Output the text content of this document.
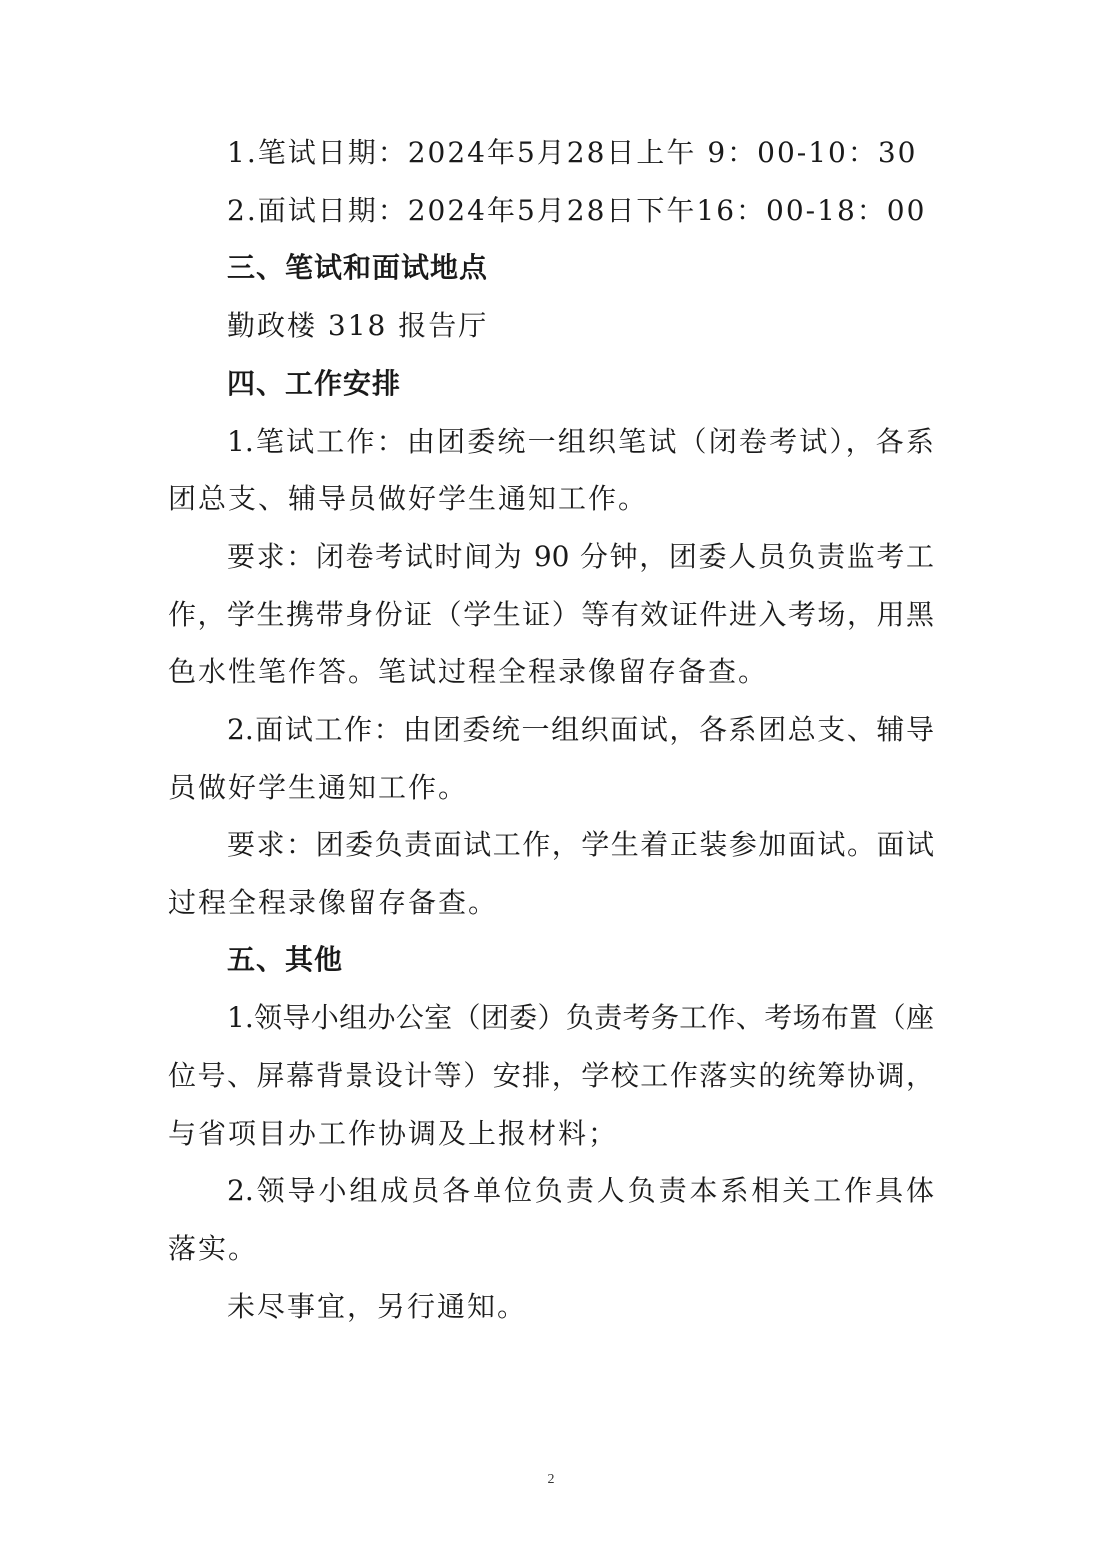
1.笔试日期：2024年5月28日上午 9：00-10：30
2.面试日期：2024年5月28日下午16：00-18：00
三、笔试和面试地点
勤政楼 318 报告厅
四、工作安排
1.笔试工作：由团委统一组织笔试（闭卷考试），各系
团总支、辅导员做好学生通知工作。
要求：闭卷考试时间为 90 分钟，团委人员负责监考工
作，学生携带身份证（学生证）等有效证件进入考场，用黑
色水性笔作答。笔试过程全程录像留存备查。
2.面试工作：由团委统一组织面试，各系团总支、辅导
员做好学生通知工作。
要求：团委负责面试工作，学生着正装参加面试。面试
过程全程录像留存备查。
五、其他
1.领导小组办公室（团委）负责考务工作、考场布置（座
位号、屏幕背景设计等）安排，学校工作落实的统筹协调，
与省项目办工作协调及上报材料；
2.领导小组成员各单位负责人负责本系相关工作具体
落实。
未尽事宜，另行通知。
2
